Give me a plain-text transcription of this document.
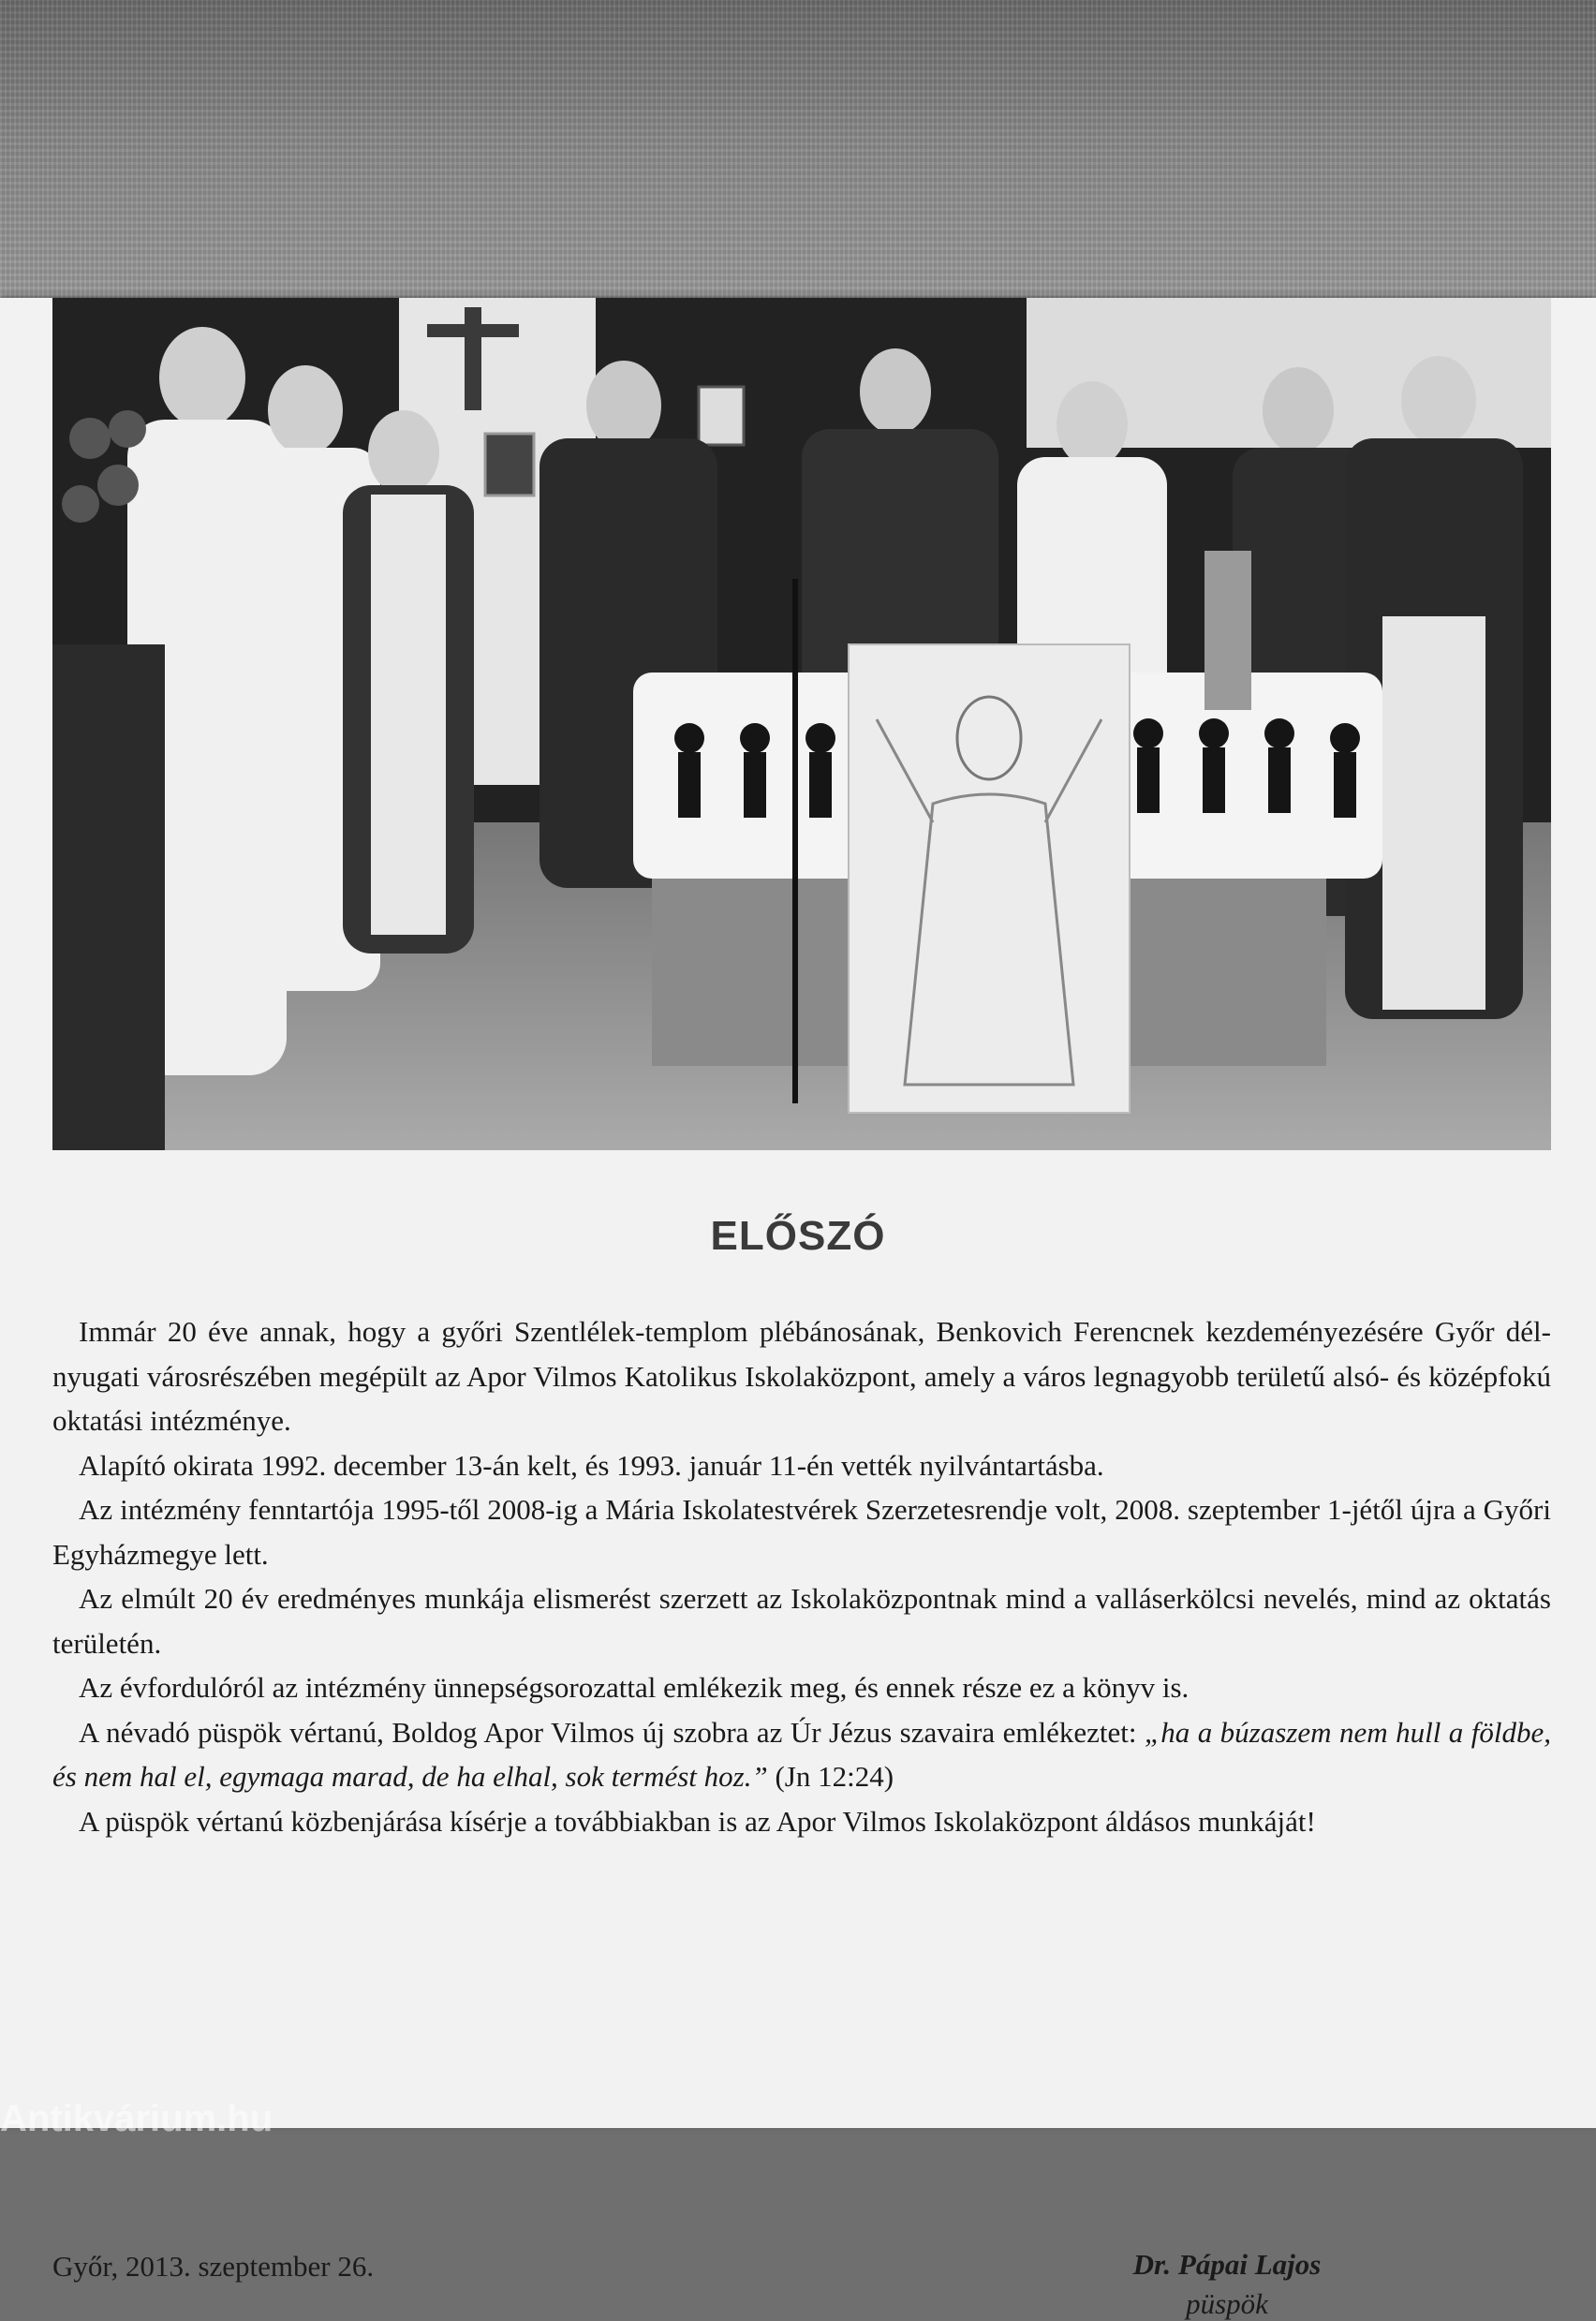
ELŐSZÓ

Immár 20 éve annak, hogy a győri Szentlélek-templom plébánosának, Benkovich Ferencnek kezdeményezésére Győr dél-nyugati városrészében megépült az Apor Vilmos Katolikus Iskolaközpont, amely a város legnagyobb területű alsó- és középfokú oktatási intézménye.

Alapító okirata 1992. december 13-án kelt, és 1993. január 11-én vették nyilvántartásba.

Az intézmény fenntartója 1995-től 2008-ig a Mária Iskolatestvérek Szerzetesrendje volt, 2008. szeptember 1-jétől újra a Győri Egyházmegye lett.

Az elmúlt 20 év eredményes munkája elismerést szerzett az Iskolaközpontnak mind a valláserkölcsi nevelés, mind az oktatás területén.

Az évfordulóról az intézmény ünnepségsorozattal emlékezik meg, és ennek része ez a könyv is.

A névadó püspök vértanú, Boldog Apor Vilmos új szobra az Úr Jézus szavaira emlékeztet: „ha a búzaszem nem hull a földbe, és nem hal el, egymaga marad, de ha elhal, sok termést hoz.” (Jn 12:24)

A püspök vértanú közbenjárása kísérje a továbbiakban is az Apor Vilmos Iskolaközpont áldásos munkáját!

Győr, 2013. szeptember 26.	Dr. Pápai Lajos
püspök
Antikvárium.hu
